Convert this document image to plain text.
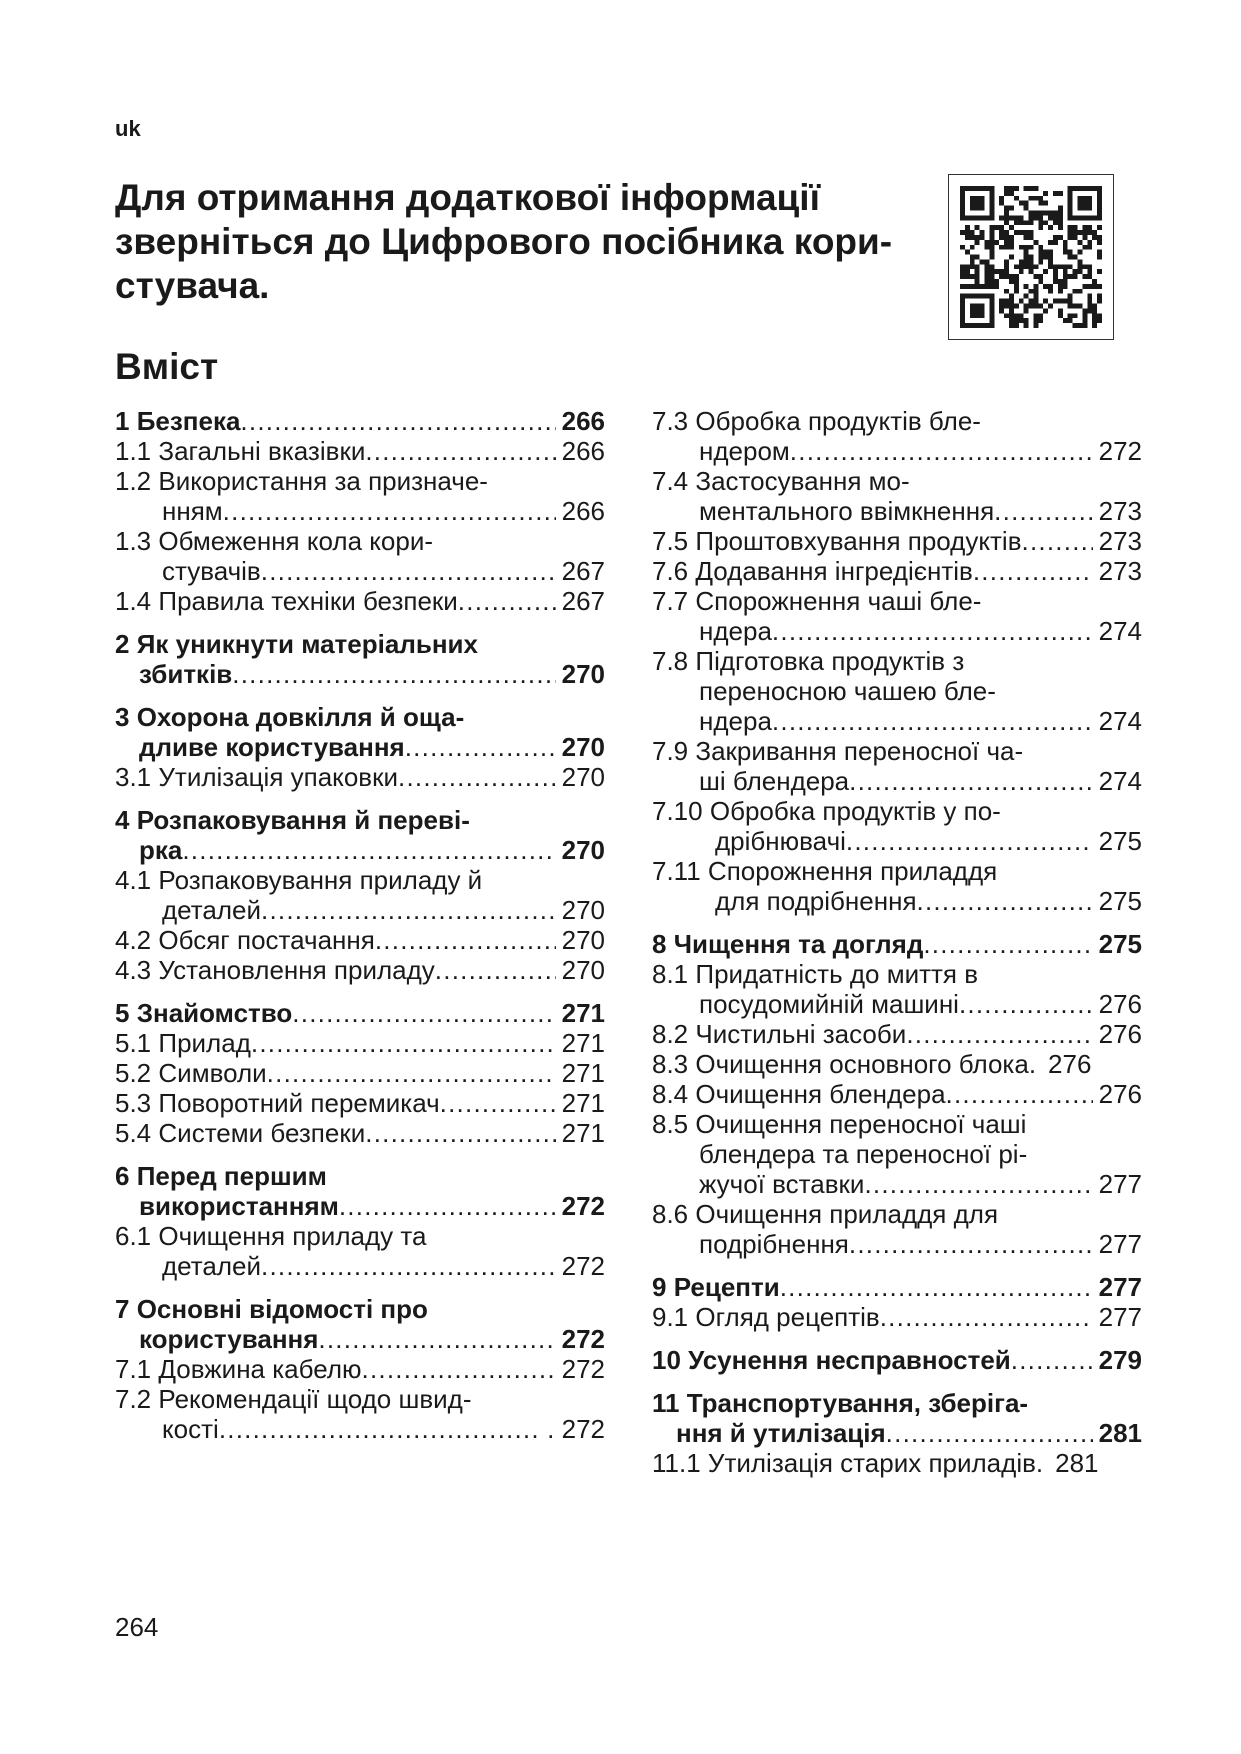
uk
Для отримання додаткової інформації
зверніться до Цифрового посібника кори-
стувача.
Вміст
1 Безпека . . .	266
1.1 Загальні вказівки . . .	266
1.2 Використання за призначе-
нням . . .	266
1.3 Обмеження кола кори-
стувачів . . .	267
1.4 Правила техніки безпеки . . .	267
2 Як уникнути матеріальних
збитків . . .	270
3 Охорона довкілля й оща-
дливе користування . . .	270
3.1 Утилізація упаковки . . .	270
4 Розпаковування й переві-
рка . . .	270
4.1 Розпаковування приладу й
деталей . . .	270
4.2 Обсяг постачання . . .	270
4.3 Установлення приладу . . .	270
5 Знайомство . . .	271
5.1 Прилад . . .	271
5.2 Символи . . .	271
5.3 Поворотний перемикач . . .	271
5.4 Системи безпеки . . .	271
6 Перед першим
використанням . . .	272
6.1 Очищення приладу та
деталей . . .	272
7 Основні відомості про
користування . . .	272
7.1 Довжина кабелю . . .	272
7.2 Рекомендації щодо швид-
кості . . .	. 272
7.3 Обробка продуктів бле-
ндером . . .	272
7.4 Застосування мо-
ментального ввімкнення . . .	273
7.5 Проштовхування продуктів . . .	273
7.6 Додавання інгредієнтів . . .	273
7.7 Спорожнення чаші бле-
ндера . . .	274
7.8 Підготовка продуктів з
переносною чашею бле-
ндера . . .	274
7.9 Закривання переносної ча-
ші блендера . . .	274
7.10 Обробка продуктів у по-
дрібнювачі . . .	275
7.11 Спорожнення приладдя
для подрібнення . . .	275
8 Чищення та догляд . . .	275
8.1 Придатність до миття в
посудомийній машині . . .	276
8.2 Чистильні засоби . . .	276
8.3 Очищення основного блока. 276
8.4 Очищення блендера . . .	276
8.5 Очищення переносної чаші
блендера та переносної рі-
жучої вставки . . .	277
8.6 Очищення приладдя для
подрібнення . . .	277
9 Рецепти . . .	277
9.1 Огляд рецептів . . .	277
10 Усунення несправностей . . .	279
11 Транспортування, зберіга-
ння й утилізація . . .	281
11.1 Утилізація старих приладів. 281
264
